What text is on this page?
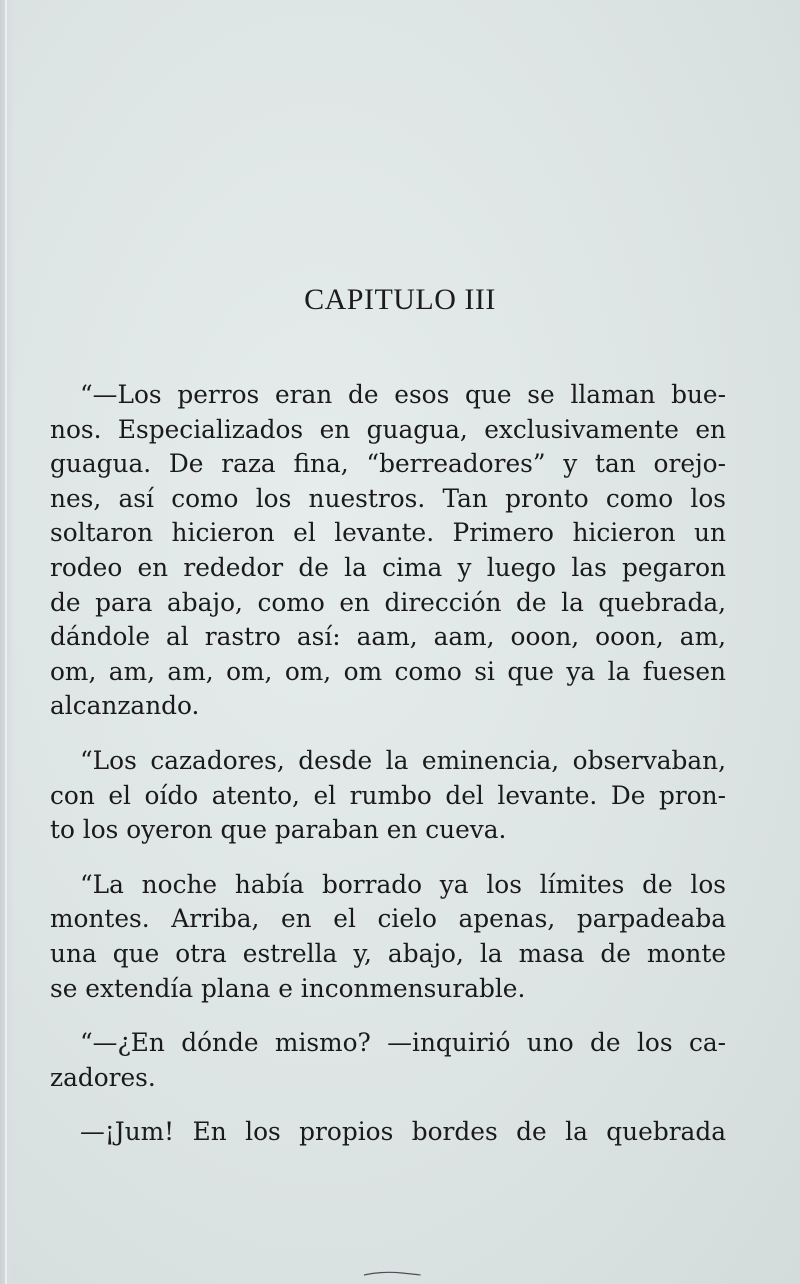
CAPITULO III
“—Los perros eran de esos que se llaman bue-
nos. Especializados en guagua, exclusivamente en
guagua. De raza fina, “berreadores” y tan orejo-
nes, así como los nuestros. Tan pronto como los
soltaron hicieron el levante. Primero hicieron un
rodeo en rededor de la cima y luego las pegaron
de para abajo, como en dirección de la quebrada,
dándole al rastro así: aam, aam, ooon, ooon, am,
om, am, am, om, om, om como si que ya la fuesen
alcanzando.
“Los cazadores, desde la eminencia, observaban,
con el oído atento, el rumbo del levante. De pron-
to los oyeron que paraban en cueva.
“La noche había borrado ya los límites de los
montes. Arriba, en el cielo apenas, parpadeaba
una que otra estrella y, abajo, la masa de monte
se extendía plana e inconmensurable.
“—¿En dónde mismo? —inquirió uno de los ca-
zadores.
—¡Jum! En los propios bordes de la quebrada
